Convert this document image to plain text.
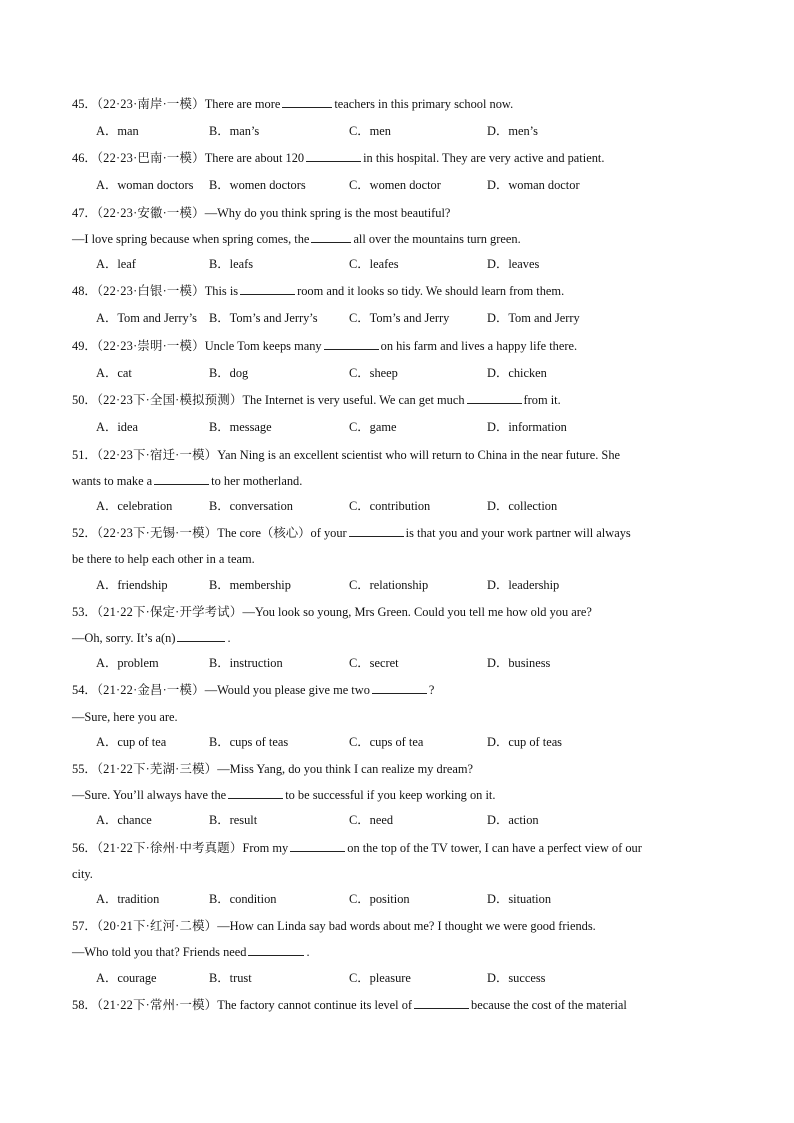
45．（22·23·南岸·一模）There are more	teachers in this primary school now.
A．man	B．man’s	C．men	D．men’s
46．（22·23·巴南·一模）There are about 120	in this hospital. They are very active and patient.
A．woman doctors B．women doctors	C．women doctor	D．woman doctor
47．（22·23·安徽·一模）—Why do you think spring is the most beautiful?
—I love spring because when spring comes, the	all over the mountains turn green.
A．leaf	B．leafs	C．leafes	D．leaves
48．（22·23·白银·一模）This is	room and it looks so tidy. We should learn from them.
A．Tom and Jerry’s B．Tom’s and Jerry’s	C．Tom’s and Jerry	D．Tom and Jerry
49．（22·23·崇明·一模）Uncle Tom keeps many	on his farm and lives a happy life there.
A．cat	B．dog	C．sheep	D．chicken
50．（22·23下·全国·模拟预测）The Internet is very useful. We can get much	from it.
A．idea	B．message	C．game	D．information
51．（22·23下·宿迁·一模）Yan Ning is an excellent scientist who will return to China in the near future. She
wants to make a	to her motherland.
A．celebration	B．conversation	C．contribution	D．collection
52．（22·23下·无锡·一模）The core（核心）of your	is that you and your work partner will always
be there to help each other in a team.
A．friendship	B．membership	C．relationship	D．leadership
53．（21·22下·保定·开学考试）—You look so young, Mrs Green. Could you tell me how old you are?
—Oh, sorry. It’s a(n)	.
A．problem	B．instruction	C．secret	D．business
54．（21·22·金昌·一模）—Would you please give me two	?
—Sure, here you are.
A．cup of tea	B．cups of teas	C．cups of tea	D．cup of teas
55．（21·22下·芜湖·三模）—Miss Yang, do you think I can realize my dream?
—Sure. You’ll always have the	to be successful if you keep working on it.
A．chance	B．result	C．need	D．action
56．（21·22下·徐州·中考真题）From my	on the top of the TV tower, I can have a perfect view of our
city.
A．tradition	B．condition	C．position	D．situation
57．（20·21下·红河·二模）—How can Linda say bad words about me? I thought we were good friends.
—Who told you that? Friends need	.
A．courage	B．trust	C．pleasure	D．success
58．（21·22下·常州·一模）The factory cannot continue its level of	because the cost of the material
